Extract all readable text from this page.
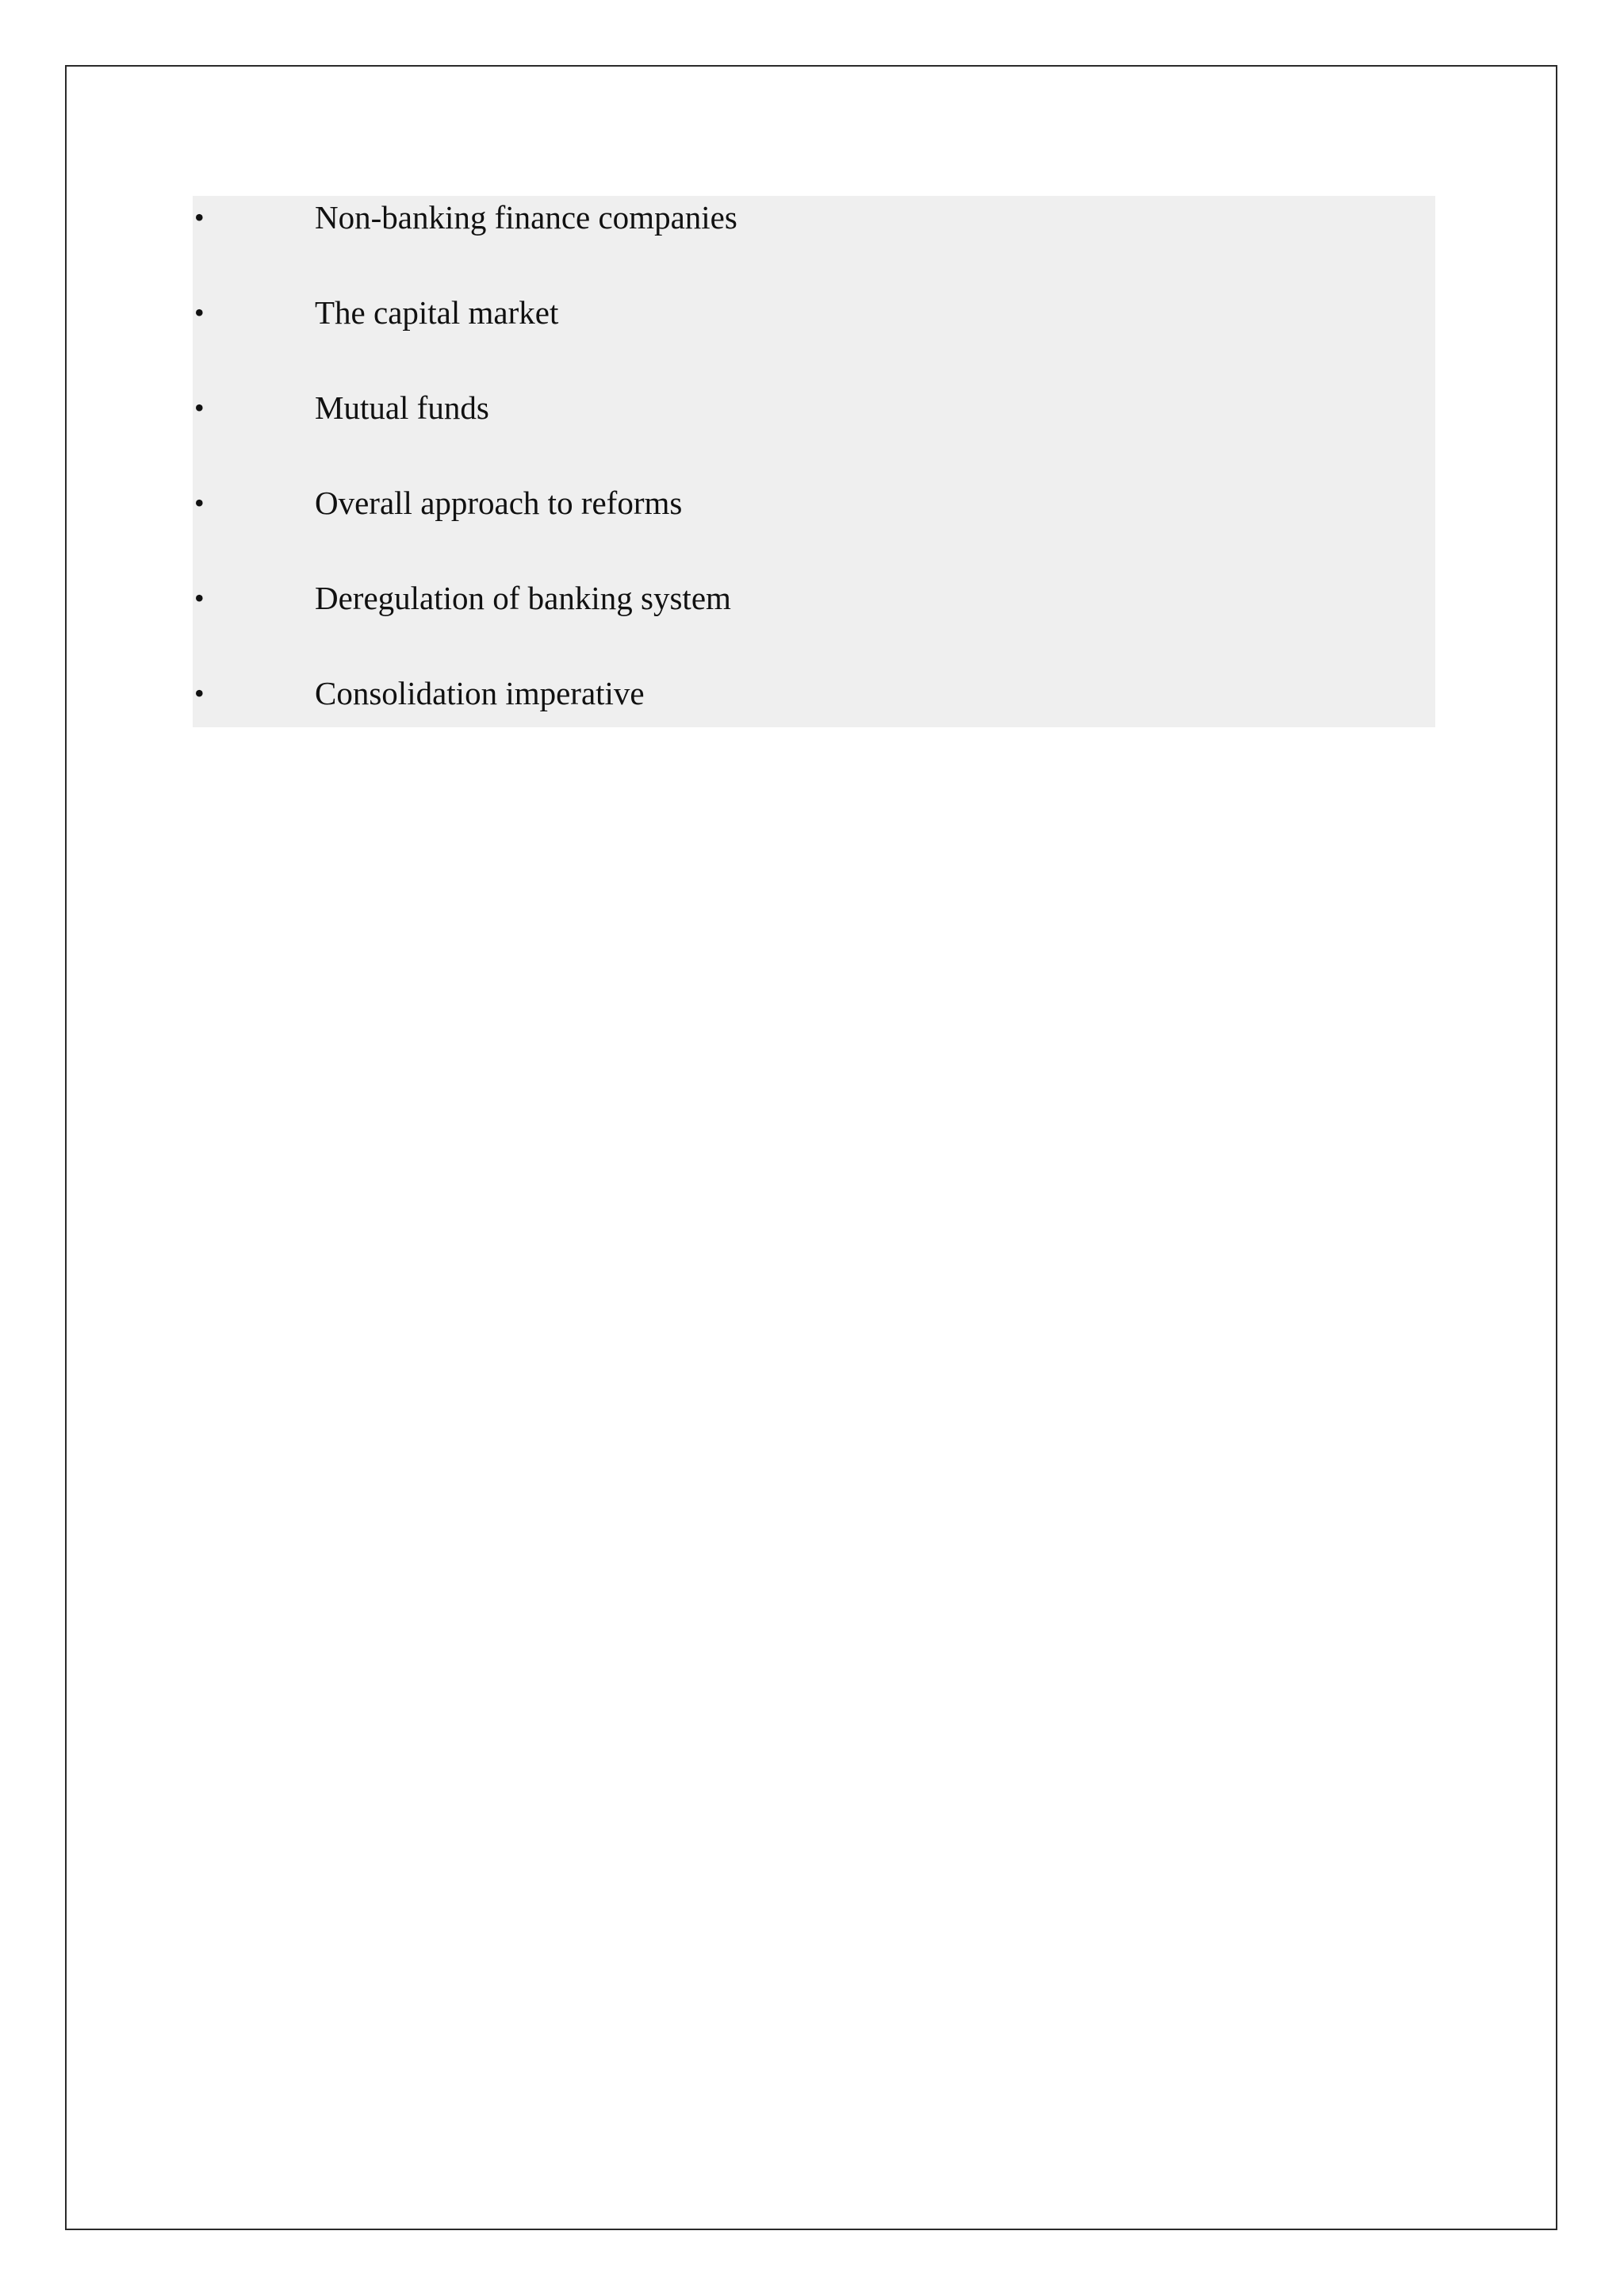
•	Non-banking finance companies
•	The capital market
•	Mutual funds
•	Overall approach to reforms
•	Deregulation of banking system
•	Consolidation imperative
